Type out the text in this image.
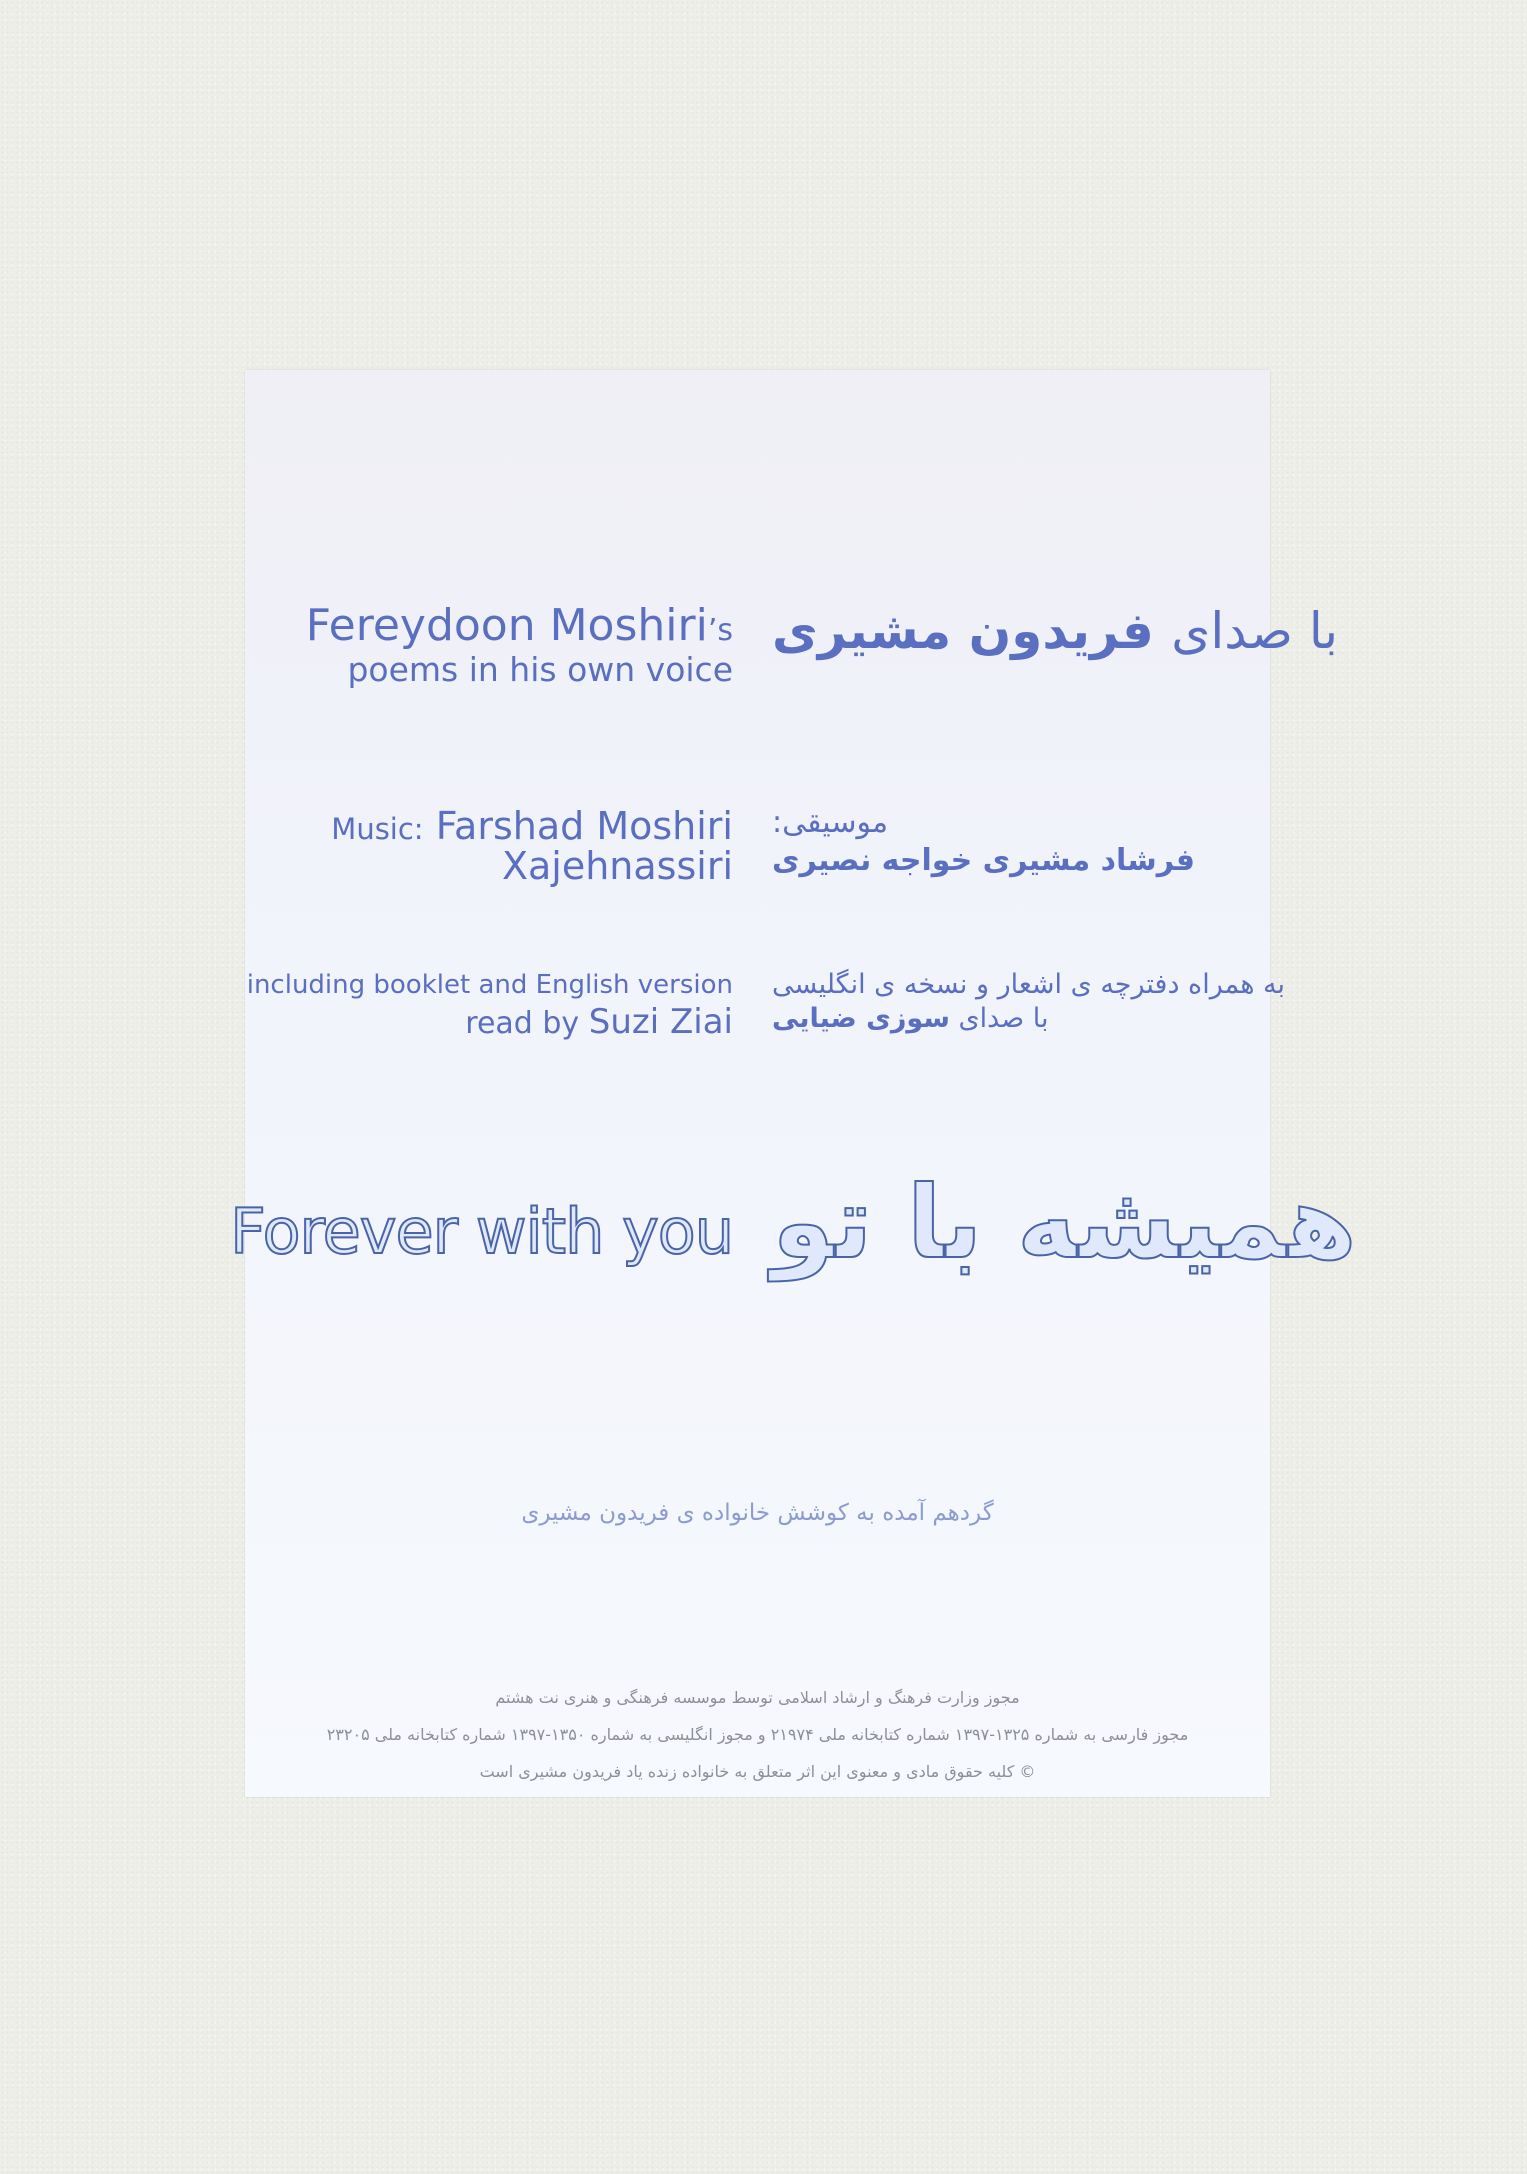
Fereydoon Moshiri’s
poems in his own voice
با صدای فریدون مشیری
Music: Farshad Moshiri
Xajehnassiri
موسیقی:
فرشاد مشیری خواجه نصیری
including booklet and English version
read by Suzi Ziai
به همراه دفترچه ی اشعار و نسخه ی انگلیسی
با صدای سوزی ضیایی
Forever with you همیشه با تو
گردهم آمده به کوشش خانواده ی فریدون مشیری
مجوز وزارت فرهنگ و ارشاد اسلامی توسط موسسه فرهنگی و هنری نت هشتم
مجوز فارسی به شماره ۱۳۲۵-۱۳۹۷ شماره کتابخانه ملی ۲۱۹۷۴ و مجوز انگلیسی به شماره ۱۳۵۰-۱۳۹۷ شماره کتابخانه ملی ۲۳۲۰۵
© کلیه حقوق مادی و معنوی این اثر متعلق به خانواده زنده یاد فریدون مشیری است
